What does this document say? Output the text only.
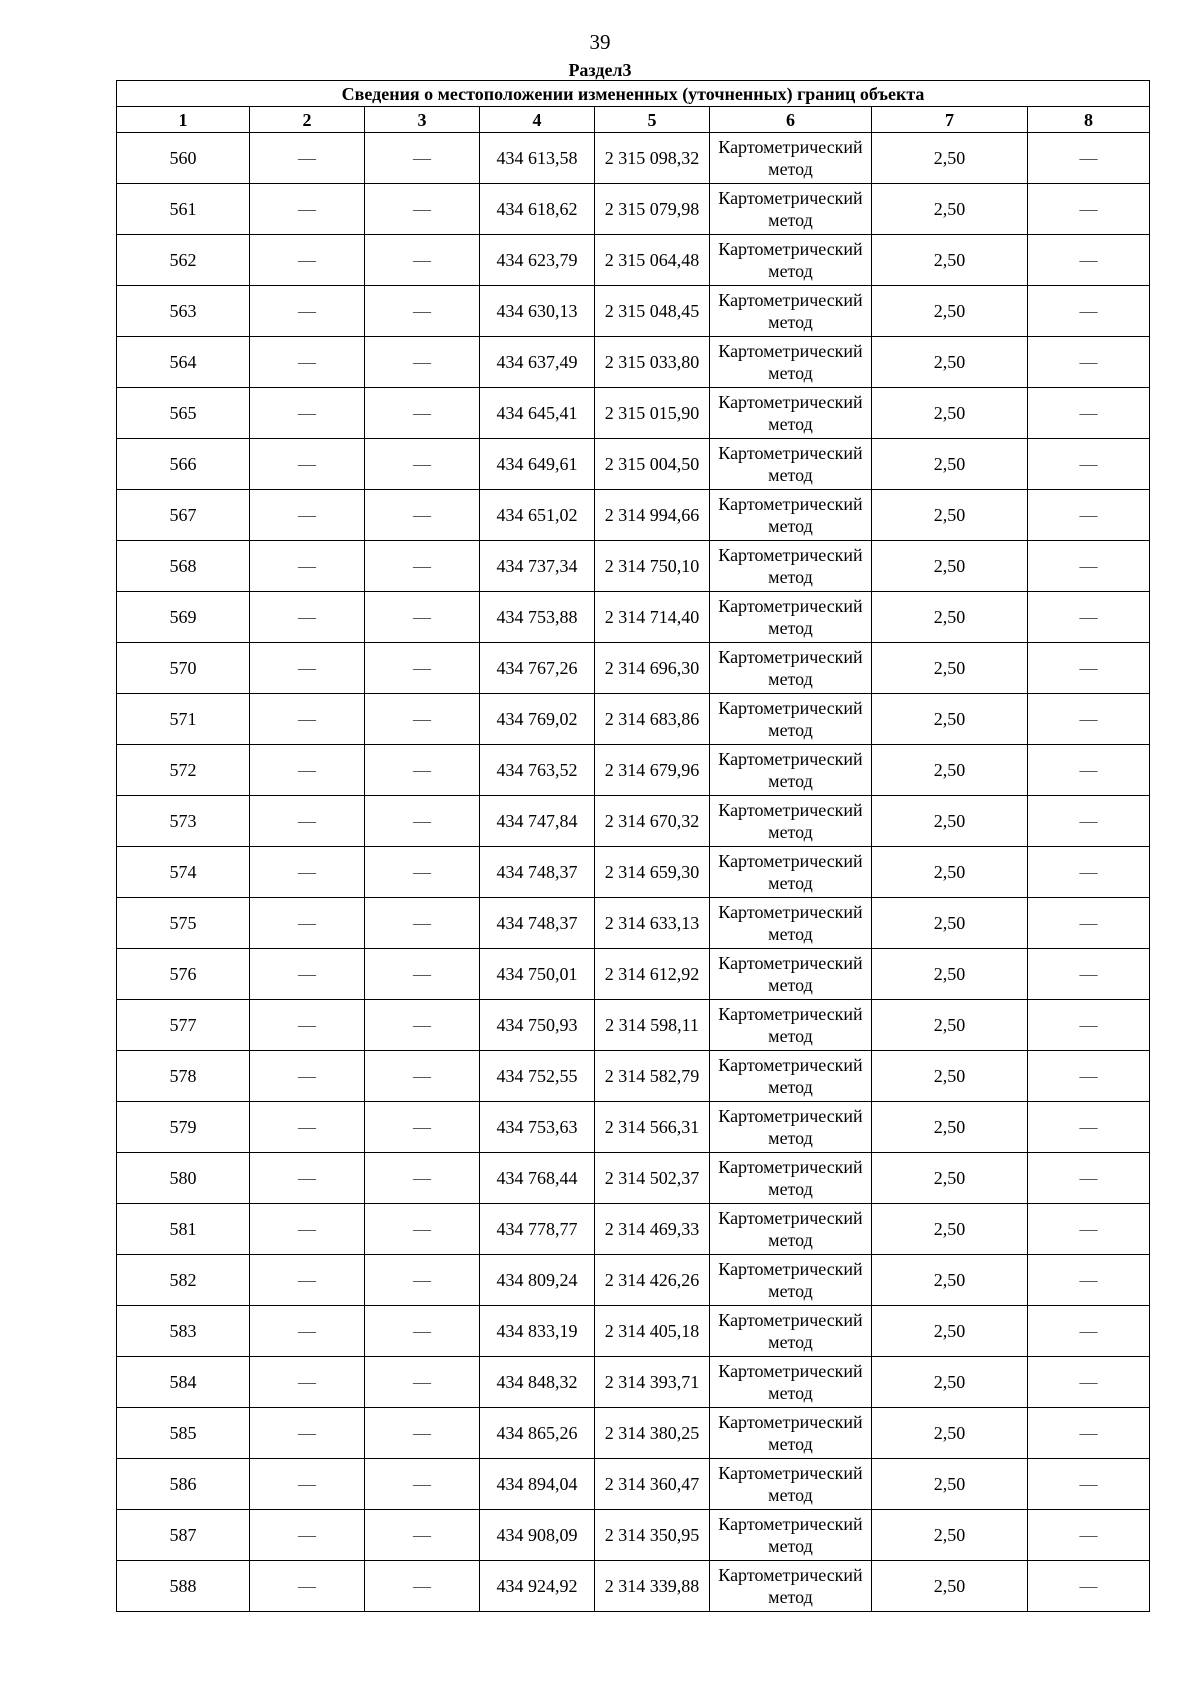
39
Раздел3
Сведения о местоположении измененных (уточненных) границ объекта							
1	2	3	4	5	6	7	8
560	—	—	434 613,58	2 315 098,32	Картометрический метод	2,50	—
561	—	—	434 618,62	2 315 079,98	Картометрический метод	2,50	—
562	—	—	434 623,79	2 315 064,48	Картометрический метод	2,50	—
563	—	—	434 630,13	2 315 048,45	Картометрический метод	2,50	—
564	—	—	434 637,49	2 315 033,80	Картометрический метод	2,50	—
565	—	—	434 645,41	2 315 015,90	Картометрический метод	2,50	—
566	—	—	434 649,61	2 315 004,50	Картометрический метод	2,50	—
567	—	—	434 651,02	2 314 994,66	Картометрический метод	2,50	—
568	—	—	434 737,34	2 314 750,10	Картометрический метод	2,50	—
569	—	—	434 753,88	2 314 714,40	Картометрический метод	2,50	—
570	—	—	434 767,26	2 314 696,30	Картометрический метод	2,50	—
571	—	—	434 769,02	2 314 683,86	Картометрический метод	2,50	—
572	—	—	434 763,52	2 314 679,96	Картометрический метод	2,50	—
573	—	—	434 747,84	2 314 670,32	Картометрический метод	2,50	—
574	—	—	434 748,37	2 314 659,30	Картометрический метод	2,50	—
575	—	—	434 748,37	2 314 633,13	Картометрический метод	2,50	—
576	—	—	434 750,01	2 314 612,92	Картометрический метод	2,50	—
577	—	—	434 750,93	2 314 598,11	Картометрический метод	2,50	—
578	—	—	434 752,55	2 314 582,79	Картометрический метод	2,50	—
579	—	—	434 753,63	2 314 566,31	Картометрический метод	2,50	—
580	—	—	434 768,44	2 314 502,37	Картометрический метод	2,50	—
581	—	—	434 778,77	2 314 469,33	Картометрический метод	2,50	—
582	—	—	434 809,24	2 314 426,26	Картометрический метод	2,50	—
583	—	—	434 833,19	2 314 405,18	Картометрический метод	2,50	—
584	—	—	434 848,32	2 314 393,71	Картометрический метод	2,50	—
585	—	—	434 865,26	2 314 380,25	Картометрический метод	2,50	—
586	—	—	434 894,04	2 314 360,47	Картометрический метод	2,50	—
587	—	—	434 908,09	2 314 350,95	Картометрический метод	2,50	—
588	—	—	434 924,92	2 314 339,88	Картометрический метод	2,50	—
